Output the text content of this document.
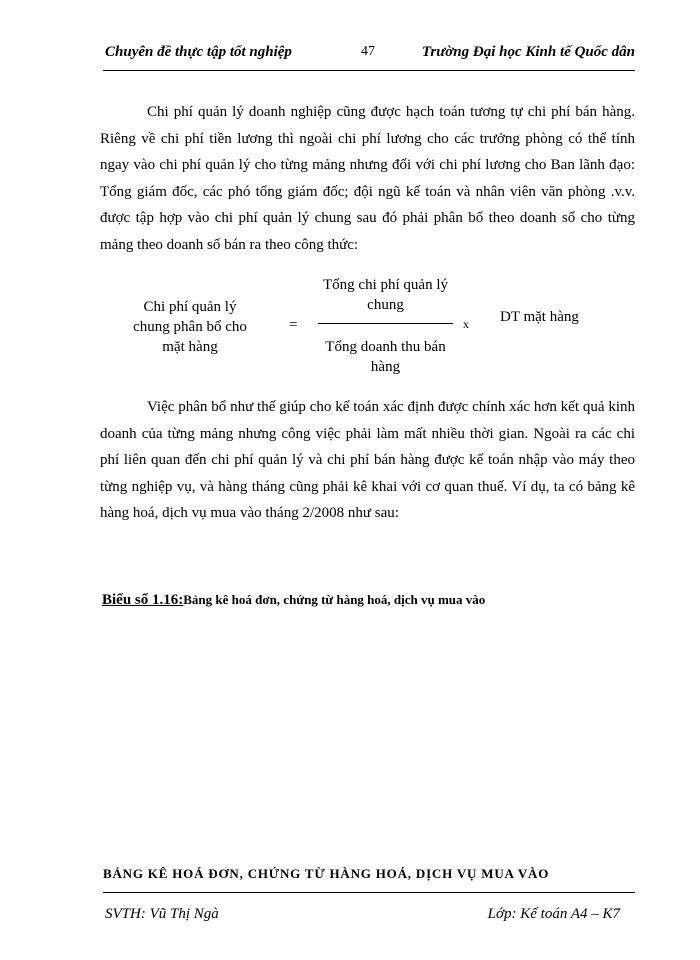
Chuyên đề thực tập tốt nghiệp	47	Trường Đại học Kinh tế Quốc dân

Chi phí quản lý doanh nghiệp cũng được hạch toán tương tự chi phí bán hàng. Riêng về chi phí tiền lương thì ngoài chi phí lương cho các trưởng phòng có thể tính ngay vào chi phí quản lý cho từng mảng nhưng đối với chi phí lương cho Ban lãnh đạo: Tổng giám đốc, các phó tổng giám đốc; đội ngũ kế toán và nhân viên văn phòng .v.v. được tập hợp vào chi phí quản lý chung sau đó phải phân bổ theo doanh số cho từng mảng theo doanh số bán ra theo công thức:

Chi phí quản lý chung phân bổ cho mặt hàng
=
Tổng chi phí quản lý chung
Tổng doanh thu bán hàng
x DT mặt hàng

Việc phân bổ như thế giúp cho kế toán xác định được chính xác hơn kết quả kinh doanh của từng mảng nhưng công việc phải làm mất nhiều thời gian. Ngoài ra các chi phí liên quan đến chi phí quản lý và chi phí bán hàng được kế toán nhập vào máy theo từng nghiệp vụ, và hàng tháng cũng phải kê khai với cơ quan thuế. Ví dụ, ta có bảng kê hàng hoá, dịch vụ mua vào tháng 2/2008 như sau:

Biểu số 1.16:Bảng kê hoá đơn, chứng từ hàng hoá, dịch vụ mua vào
BẢNG KÊ HOÁ ĐƠN, CHỨNG TỪ HÀNG HOÁ, DỊCH VỤ MUA VÀO
SVTH: Vũ Thị Ngà	Lớp: Kế toán A4 – K7
